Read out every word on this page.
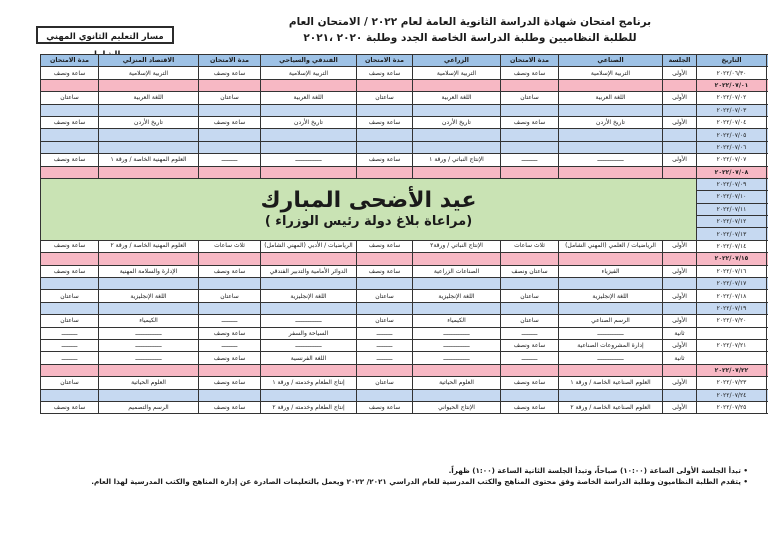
برنامج امتحان شهادة الدراسة الثانوية العامة لعام ٢٠٢٢ / الامتحان العام
للطلبة النظاميين وطلبة الدراسة الخاصة الجدد وطلبة ٢٠٢٠ ،٢٠٢١
مسار التعليم الثانوي المهني
	التاريخ	الجلسة	الصناعي	مدة الامتحان	الزراعي	مدة الامتحان	الفندقي والسياحي	مدة الامتحان	الاقتصاد المنزلي	مدة الامتحان
	٢٠٢٢/٠٦/٣٠	الأولى	التربية الإسلامية	ساعة ونصف	التربية الإسلامية	ساعة ونصف	التربية الإسلامية	ساعة ونصف	التربية الإسلامية	ساعة ونصف
	٢٠٢٢/٠٧/٠١									
	٢٠٢٢/٠٧/٠٢	الأولى	اللغة العربية	ساعتان	اللغة العربية	ساعتان	اللغة العربية	ساعتان	اللغة العربية	ساعتان
	٢٠٢٢/٠٧/٠٣									
	٢٠٢٢/٠٧/٠٤	الأولى	تاريخ الأردن	ساعة ونصف	تاريخ الأردن	ساعة ونصف	تاريخ الأردن	ساعة ونصف	تاريخ الأردن	ساعة ونصف
	٢٠٢٢/٠٧/٠٥									
	٢٠٢٢/٠٧/٠٦									
	٢٠٢٢/٠٧/٠٧	الأولى	ـــــــــــــــ	ـــــــــ	الإنتاج النباتي / ورقة ١	ساعة ونصف	ـــــــــــــــ	ـــــــــ	العلوم المهنية الخاصة / ورقة ١	ساعة ونصف
	٢٠٢٢/٠٧/٠٨									
	٢٠٢٢/٠٧/٠٩	عيد الأضحى المبارك
(مراعاة بلاغ دولة رئيس الوزراء )								

	٢٠٢٢/٠٧/١٠									
	٢٠٢٢/٠٧/١١									
	٢٠٢٢/٠٧/١٢									
	٢٠٢٢/٠٧/١٣									
	٢٠٢٢/٠٧/١٤	الأولى	الرياضيات / العلمي (المهني الشامل)	ثلاث ساعات	الإنتاج النباتي / ورقة٢	ساعة ونصف	الرياضيات / الأدبي (المهني الشامل)	ثلاث ساعات	العلوم المهنية الخاصة / ورقة ٢	ساعة ونصف
	٢٠٢٢/٠٧/١٥									
	٢٠٢٢/٠٧/١٦	الأولى	الفيزياء	ساعتان ونصف	الصناعات الزراعية	ساعة ونصف	الدوائر الأمامية والتدبير الفندقي	ساعة ونصف	الإدارة والسلامة المهنية	ساعة ونصف
	٢٠٢٢/٠٧/١٧									
	٢٠٢٢/٠٧/١٨	الأولى	اللغة الإنجليزية	ساعتان	اللغة الإنجليزية	ساعتان	اللغة الإنجليزية	ساعتان	اللغة الإنجليزية	ساعتان
	٢٠٢٢/٠٧/١٩									
	٢٠٢٢/٠٧/٢٠	الأولى	الرسم الصناعي	ساعتان	الكيمياء	ساعتان	ـــــــــــــــ	ـــــــــ	الكيمياء	ساعتان
		ثانية	ـــــــــــــــ	ـــــــــ	ـــــــــــــــ	ـــــــــ	السياحة والسفر	ساعة ونصف	ـــــــــــــــ	ـــــــــ
	٢٠٢٢/٠٧/٢١	الأولى	إدارة المشروعات الصناعية	ساعة ونصف	ـــــــــــــــ	ـــــــــ	ـــــــــــــــ	ـــــــــ	ـــــــــــــــ	ـــــــــ
		ثانية	ـــــــــــــــ	ـــــــــ	ـــــــــــــــ	ـــــــــ	اللغة الفرنسية	ساعة ونصف	ـــــــــــــــ	ـــــــــ
	٢٠٢٢/٠٧/٢٢									
	٢٠٢٢/٠٧/٢٣	الأولى	العلوم الصناعية الخاصة / ورقة ١	ساعة ونصف	العلوم الحياتية	ساعتان	إنتاج الطعام وخدمته / ورقة ١	ساعة ونصف	العلوم الحياتية	ساعتان
	٢٠٢٢/٠٧/٢٤									
	٢٠٢٢/٠٧/٢٥	الأولى	العلوم الصناعية الخاصة / ورقة ٢	ساعة ونصف	الإنتاج الحيواني	ساعة ونصف	إنتاج الطعام وخدمته / ورقة ٢	ساعة ونصف	الرسم والتصميم	ساعة ونصف
• تبدأ الجلسة الأولى الساعة (١٠:٠٠) صباحاً، وتبدأ الجلسة الثانية الساعة (١:٠٠) ظهراً.
• يتقدم الطلبة النظاميون وطلبة الدراسة الخاصة وفق محتوى المناهج والكتب المدرسية للعام الدراسي ٢٠٢١/ ٢٠٢٢ ويعمل بالتعليمات الصادرة عن إدارة المناهج والكتب المدرسية لهذا العام.
